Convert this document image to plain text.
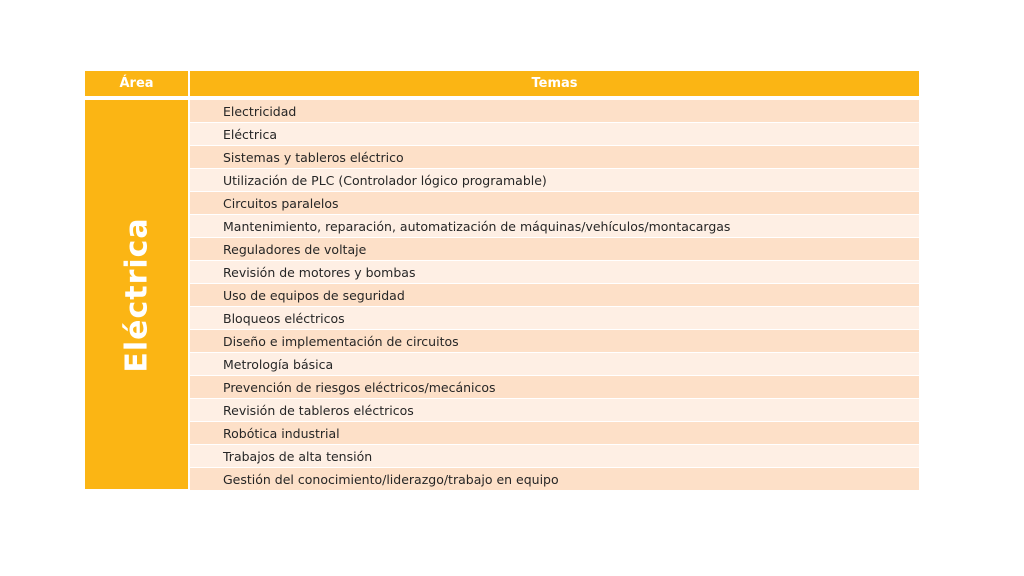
Área	Temas
Eléctrica
Electricidad
Eléctrica
Sistemas y tableros eléctrico
Utilización de PLC (Controlador lógico programable)
Circuitos paralelos
Mantenimiento, reparación, automatización de máquinas/vehículos/montacargas
Reguladores de voltaje
Revisión de motores y bombas
Uso de equipos de seguridad
Bloqueos eléctricos
Diseño e implementación de circuitos
Metrología básica
Prevención de riesgos eléctricos/mecánicos
Revisión de tableros eléctricos
Robótica industrial
Trabajos de alta tensión
Gestión del conocimiento/liderazgo/trabajo en equipo
